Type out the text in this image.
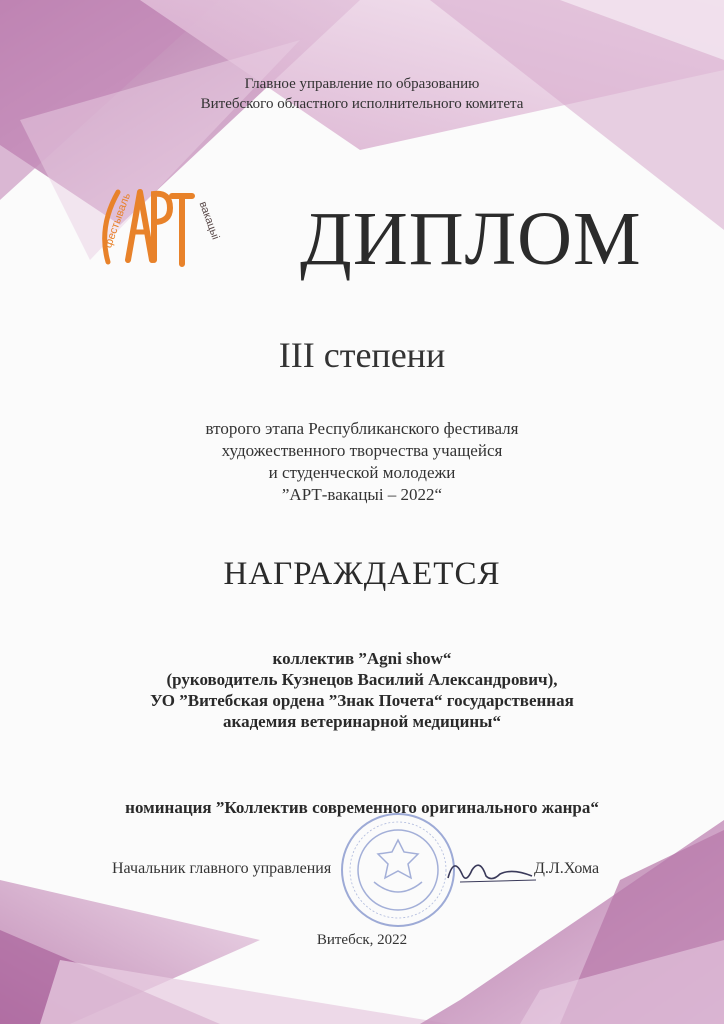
фестываль	вакацыi
Главное управление по образованию
Витебского областного исполнительного комитета
ДИПЛОМ
III степени
второго этапа Республиканского фестиваля
художественного творчества учащейся
и студенческой молодежи
”АРТ-вакацыі – 2022“
НАГРАЖДАЕТСЯ
коллектив ”Agni show“
(руководитель Кузнецов Василий Александрович),
УО ”Витебская ордена ”Знак Почета“ государственная
академия ветеринарной медицины“
номинация ”Коллектив современного оригинального жанра“
Начальник главного управления	Д.Л.Хома
Витебск, 2022
